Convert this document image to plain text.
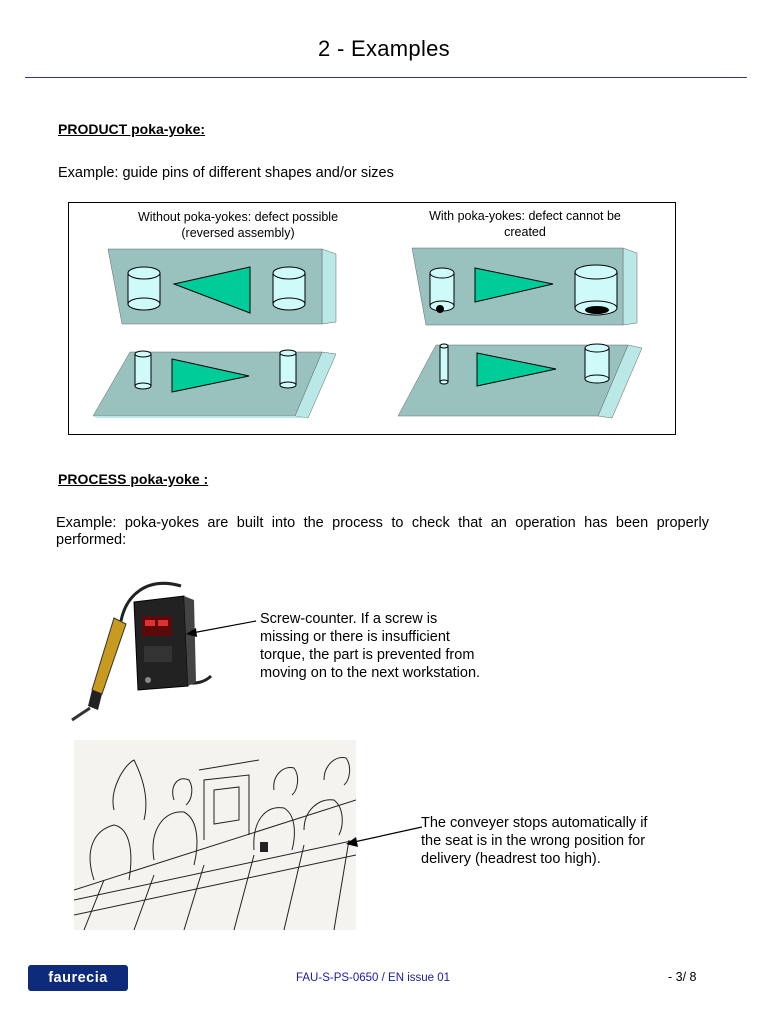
2 - Examples
PRODUCT poka-yoke:
Example: guide pins of different shapes and/or sizes
Without poka-yokes: defect possible (reversed assembly)
With poka-yokes: defect cannot be created
PROCESS poka-yoke :
Example: poka-yokes are built into the process to check that an operation has been properly performed:
Screw-counter. If a screw is missing or there is insufficient torque, the part is prevented from moving on to the next workstation.
The conveyer stops automatically if the seat is in the wrong position for delivery (headrest too high).
faurecia	FAU-S-PS-0650 / EN issue 01	- 3/ 8
